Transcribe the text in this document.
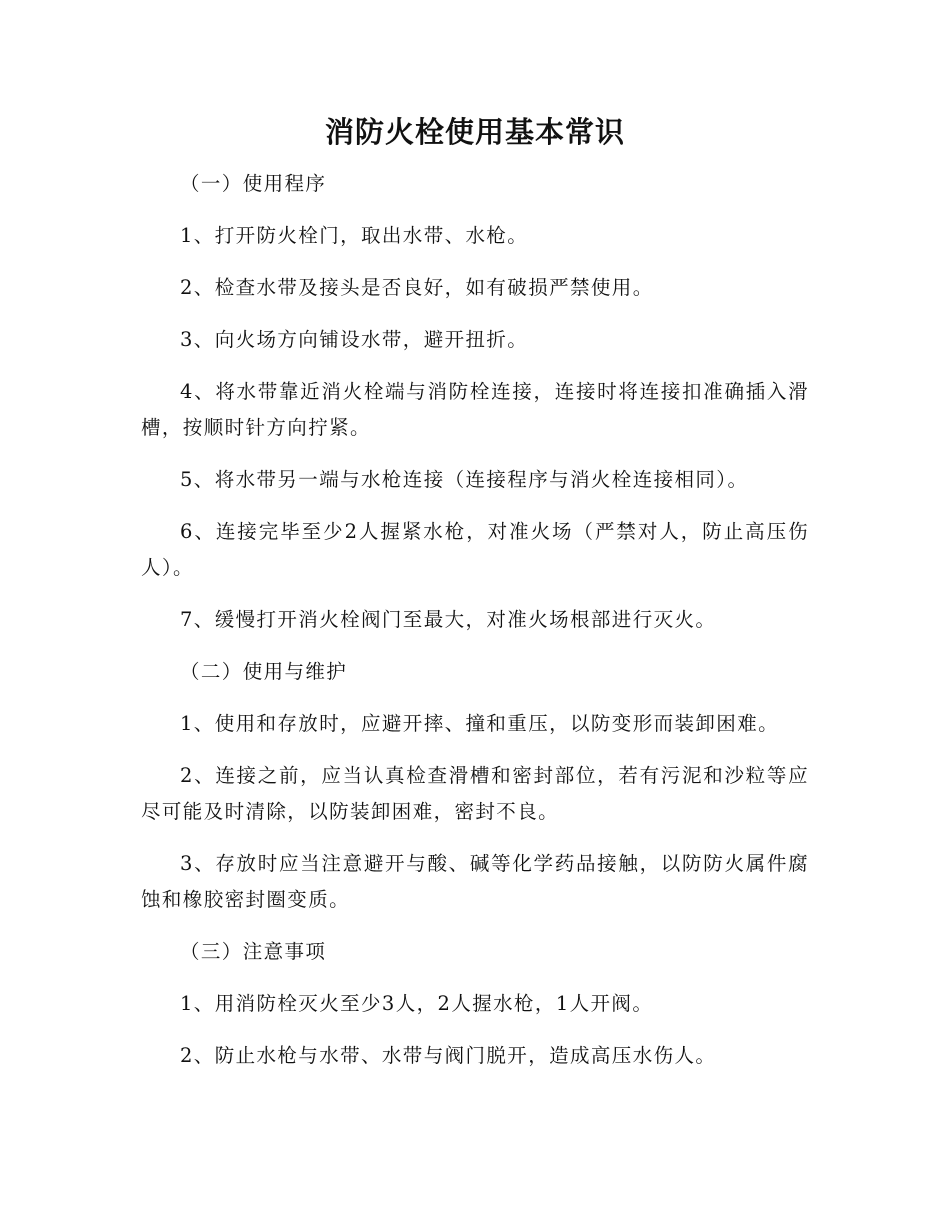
消防火栓使用基本常识

（一）使用程序

1、打开防火栓门，取出水带、水枪。

2、检查水带及接头是否良好，如有破损严禁使用。

3、向火场方向铺设水带，避开扭折。

4、将水带靠近消火栓端与消防栓连接，连接时将连接扣准确插入滑槽，按顺时针方向拧紧。

5、将水带另一端与水枪连接（连接程序与消火栓连接相同）。

6、连接完毕至少2人握紧水枪，对准火场（严禁对人，防止高压伤人）。

7、缓慢打开消火栓阀门至最大，对准火场根部进行灭火。

（二）使用与维护

1、使用和存放时，应避开摔、撞和重压，以防变形而装卸困难。

2、连接之前，应当认真检查滑槽和密封部位，若有污泥和沙粒等应尽可能及时清除，以防装卸困难，密封不良。

3、存放时应当注意避开与酸、碱等化学药品接触，以防防火属件腐蚀和橡胶密封圈变质。

（三）注意事项

1、用消防栓灭火至少3人，2人握水枪，1人开阀。

2、防止水枪与水带、水带与阀门脱开，造成高压水伤人。
